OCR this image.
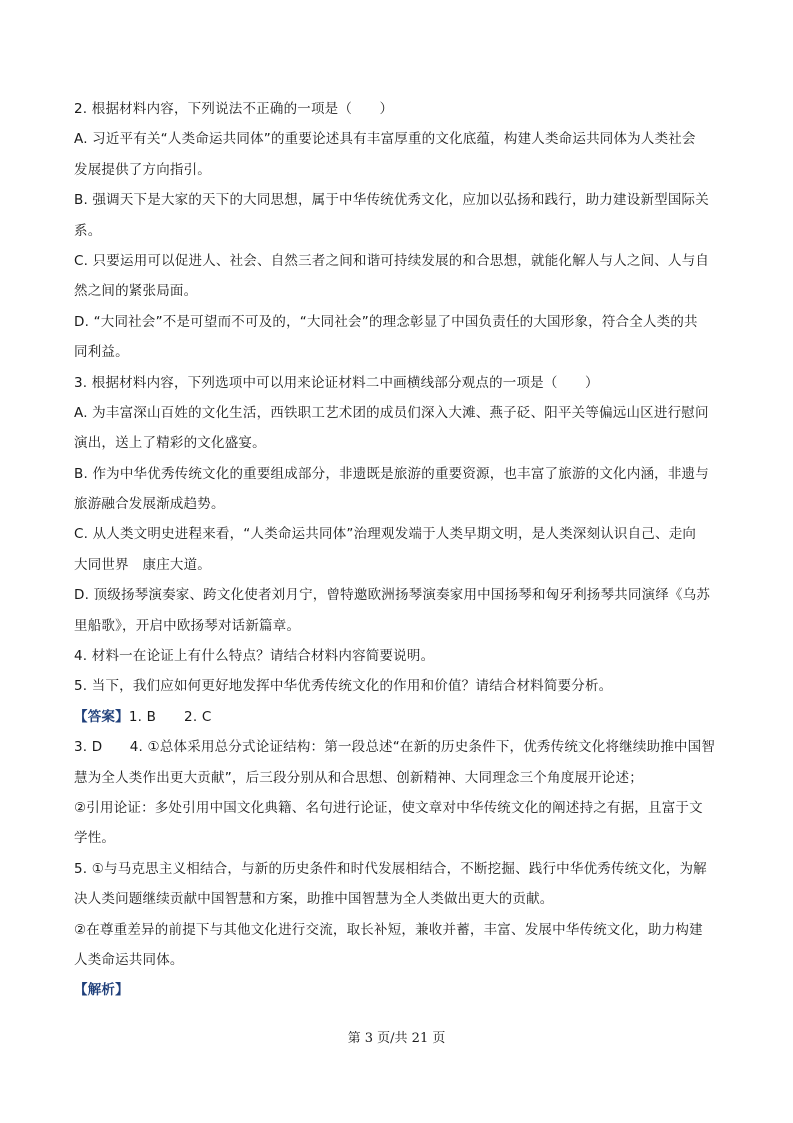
2. 根据材料内容，下列说法不正确的一项是（　　）
A. 习近平有关“人类命运共同体”的重要论述具有丰富厚重的文化底蕴，构建人类命运共同体为人类社会
发展提供了方向指引。
B. 强调天下是大家的天下的大同思想，属于中华传统优秀文化，应加以弘扬和践行，助力建设新型国际关
系。
C. 只要运用可以促进人、社会、自然三者之间和谐可持续发展的和合思想，就能化解人与人之间、人与自
然之间的紧张局面。
D. “大同社会”不是可望而不可及的，“大同社会”的理念彰显了中国负责任的大国形象，符合全人类的共
同利益。
3. 根据材料内容，下列选项中可以用来论证材料二中画横线部分观点的一项是（　　）
A. 为丰富深山百姓的文化生活，西铁职工艺术团的成员们深入大滩、燕子砭、阳平关等偏远山区进行慰问
演出，送上了精彩的文化盛宴。
B. 作为中华优秀传统文化的重要组成部分，非遗既是旅游的重要资源，也丰富了旅游的文化内涵，非遗与
旅游融合发展渐成趋势。
C. 从人类文明史进程来看，“人类命运共同体”治理观发端于人类早期文明，是人类深刻认识自己、走向
大同世界　康庄大道。
D. 顶级扬琴演奏家、跨文化使者刘月宁，曾特邀欧洲扬琴演奏家用中国扬琴和匈牙利扬琴共同演绎《乌苏
里船歌》，开启中欧扬琴对话新篇章。
4. 材料一在论证上有什么特点？请结合材料内容简要说明。
5. 当下，我们应如何更好地发挥中华优秀传统文化的作用和价值？请结合材料简要分析。
【答案】1. B 2. C
3. D　　4. ①总体采用总分式论证结构：第一段总述“在新的历史条件下，优秀传统文化将继续助推中国智
慧为全人类作出更大贡献”，后三段分别从和合思想、创新精神、大同理念三个角度展开论述；
②引用论证：多处引用中国文化典籍、名句进行论证，使文章对中华传统文化的阐述持之有据，且富于文
学性。
5. ①与马克思主义相结合，与新的历史条件和时代发展相结合，不断挖掘、践行中华优秀传统文化，为解
决人类问题继续贡献中国智慧和方案，助推中国智慧为全人类做出更大的贡献。
②在尊重差异的前提下与其他文化进行交流，取长补短，兼收并蓄，丰富、发展中华传统文化，助力构建
人类命运共同体。
【解析】
第 3 页/共 21 页
